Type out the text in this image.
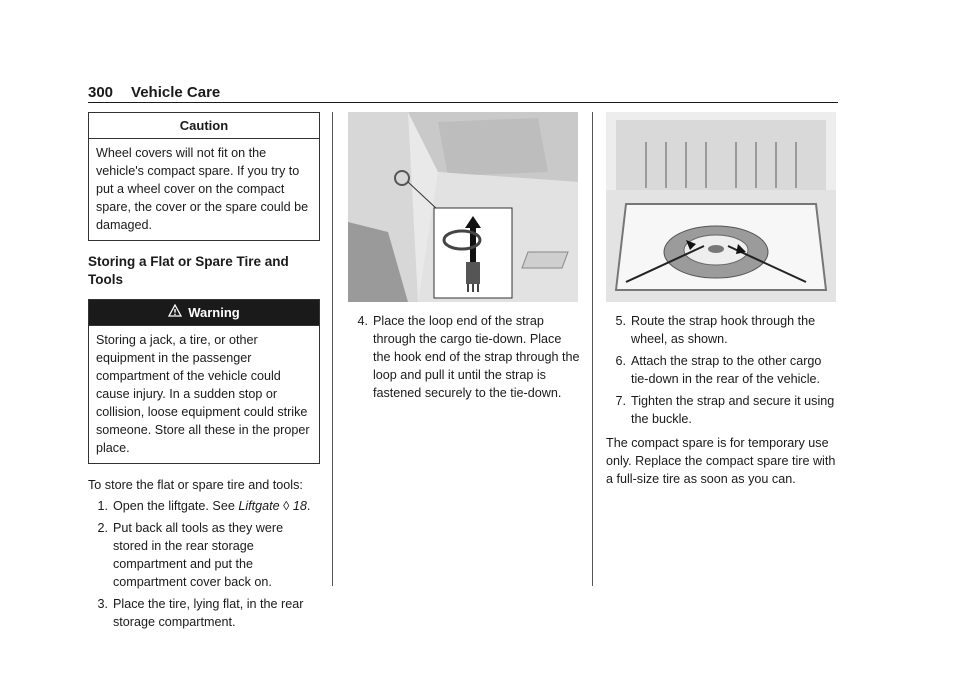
300 Vehicle Care
Caution
Wheel covers will not fit on the vehicle's compact spare. If you try to put a wheel cover on the compact spare, the cover or the spare could be damaged.
Storing a Flat or Spare Tire and Tools
Warning
Storing a jack, a tire, or other equipment in the passenger compartment of the vehicle could cause injury. In a sudden stop or collision, loose equipment could strike someone. Store all these in the proper place.
To store the flat or spare tire and tools:
1. Open the liftgate. See Liftgate ◊ 18.
2. Put back all tools as they were stored in the rear storage compartment and put the compartment cover back on.
3. Place the tire, lying flat, in the rear storage compartment.
4. Place the loop end of the strap through the cargo tie-down. Place the hook end of the strap through the loop and pull it until the strap is fastened securely to the tie-down.
5. Route the strap hook through the wheel, as shown.
6. Attach the strap to the other cargo tie-down in the rear of the vehicle.
7. Tighten the strap and secure it using the buckle.

The compact spare is for temporary use only. Replace the compact spare tire with a full-size tire as soon as you can.
